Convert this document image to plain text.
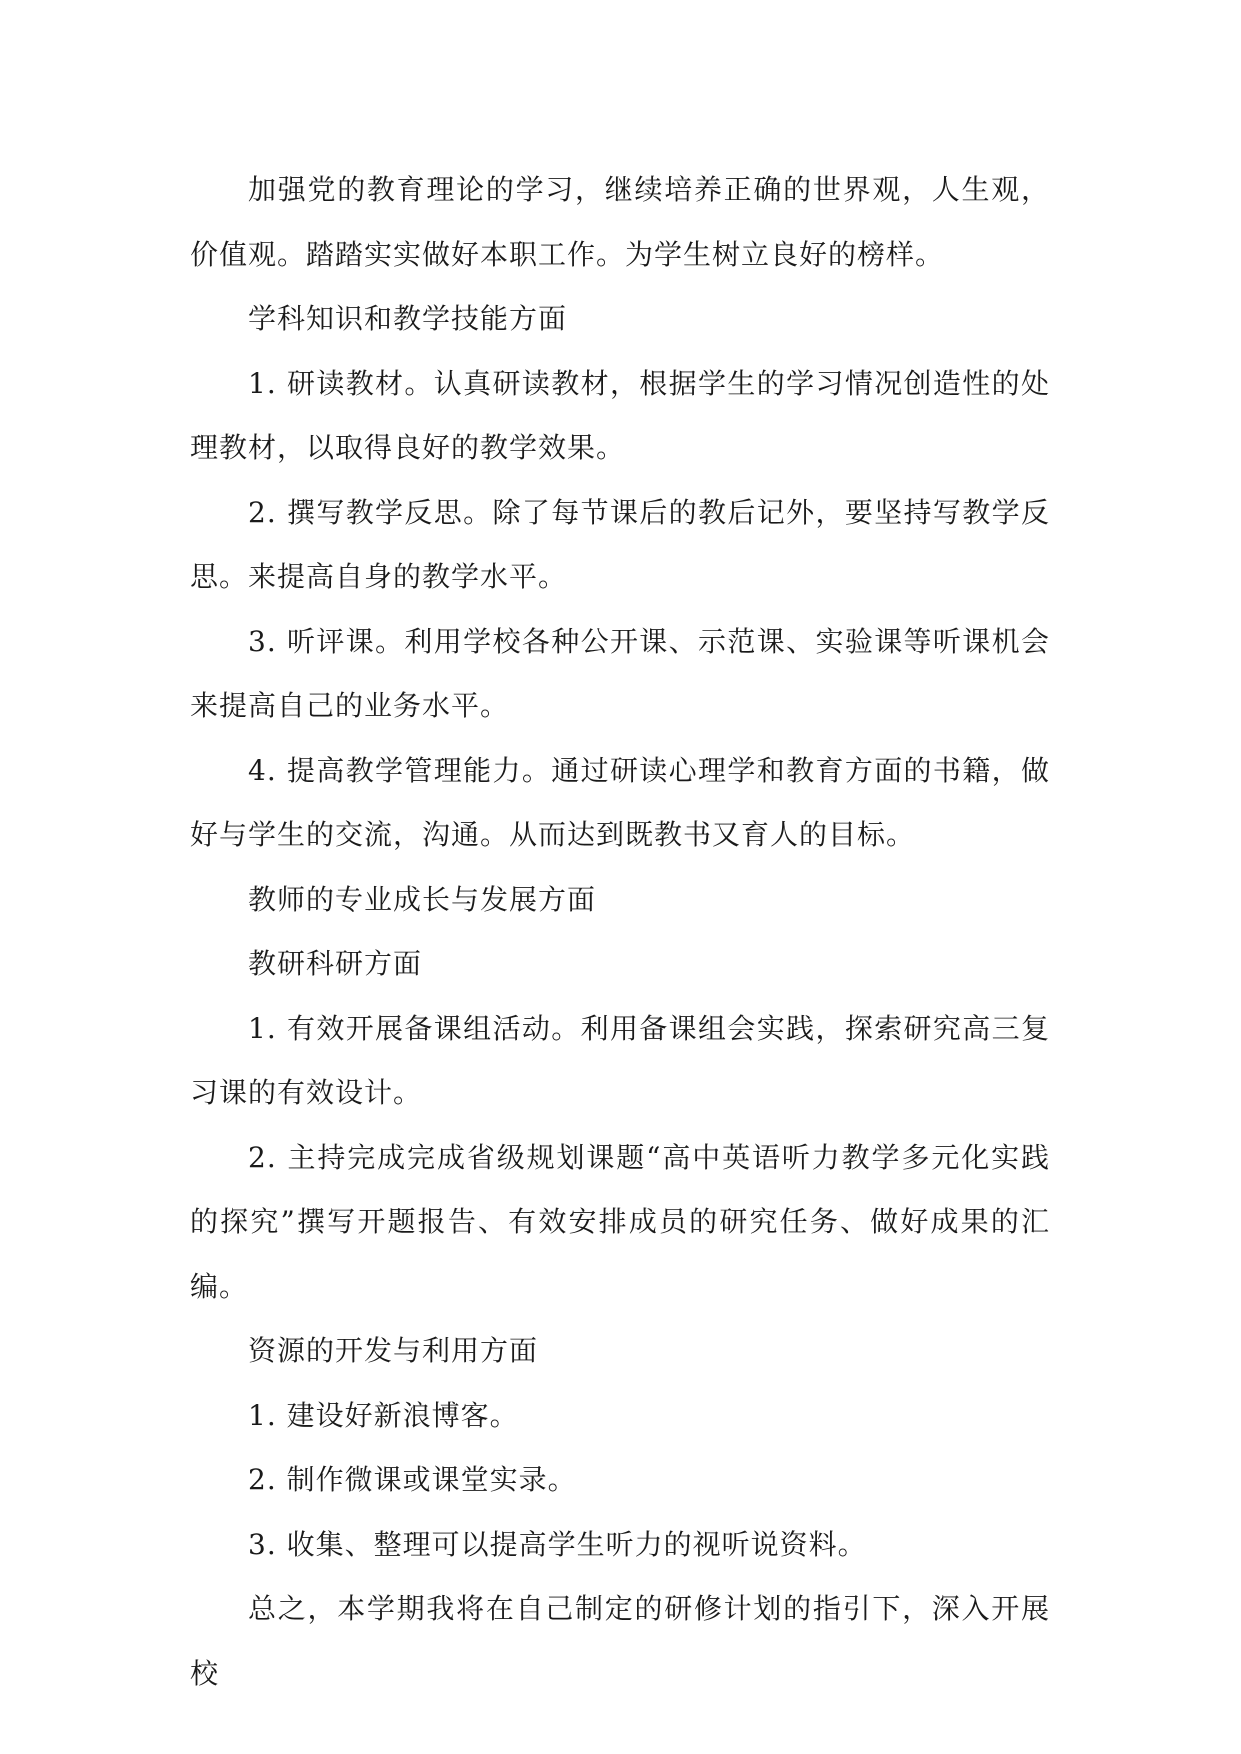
加强党的教育理论的学习，继续培养正确的世界观，人生观，价值观。踏踏实实做好本职工作。为学生树立良好的榜样。

学科知识和教学技能方面

1. 研读教材。认真研读教材，根据学生的学习情况创造性的处理教材，以取得良好的教学效果。

2. 撰写教学反思。除了每节课后的教后记外，要坚持写教学反思。来提高自身的教学水平。

3. 听评课。利用学校各种公开课、示范课、实验课等听课机会来提高自己的业务水平。

4. 提高教学管理能力。通过研读心理学和教育方面的书籍，做好与学生的交流，沟通。从而达到既教书又育人的目标。

教师的专业成长与发展方面

教研科研方面

1. 有效开展备课组活动。利用备课组会实践，探索研究高三复习课的有效设计。

2. 主持完成完成省级规划课题“高中英语听力教学多元化实践的探究”撰写开题报告、有效安排成员的研究任务、做好成果的汇编。

资源的开发与利用方面

1. 建设好新浪博客。

2. 制作微课或课堂实录。

3. 收集、整理可以提高学生听力的视听说资料。

总之，本学期我将在自己制定的研修计划的指引下，深入开展校
